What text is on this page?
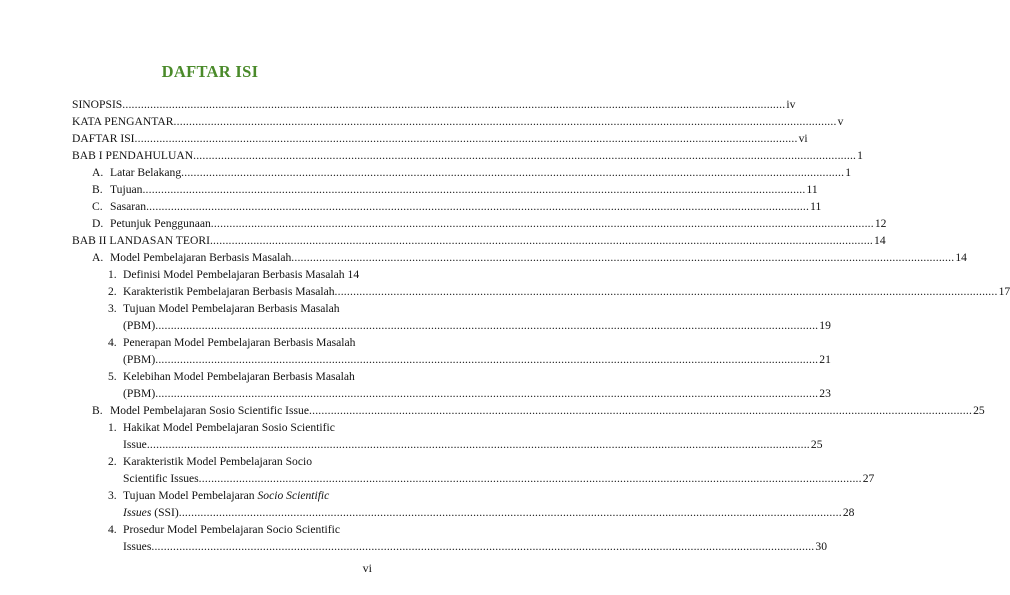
DAFTAR ISI
SINOPSIS .....	iv
KATA PENGANTAR .....	v
DAFTAR ISI .....	vi
BAB I PENDAHULUAN .....	1
A. Latar Belakang .....	1
B. Tujuan .....	11
C. Sasaran .....	11
D. Petunjuk Penggunaan .....	12
BAB II LANDASAN TEORI .....	14
A. Model Pembelajaran Berbasis Masalah .....	14
1. Definisi Model Pembelajaran Berbasis Masalah 14
2. Karakteristik Pembelajaran Berbasis Masalah .....	17
3. Tujuan Model Pembelajaran Berbasis Masalah
(PBM) .....	19
4. Penerapan Model Pembelajaran Berbasis Masalah
(PBM) .....	21
5. Kelebihan Model Pembelajaran Berbasis Masalah
(PBM) .....	23
B. Model Pembelajaran Sosio Scientific Issue .....	25
1. Hakikat Model Pembelajaran Sosio Scientific
Issue .....	25
2. Karakteristik Model Pembelajaran Socio
Scientific Issues .....	27
3. Tujuan Model Pembelajaran Socio Scientific
Issues (SSI) .....	28
4. Prosedur Model Pembelajaran Socio Scientific
Issues .....	30
vi
